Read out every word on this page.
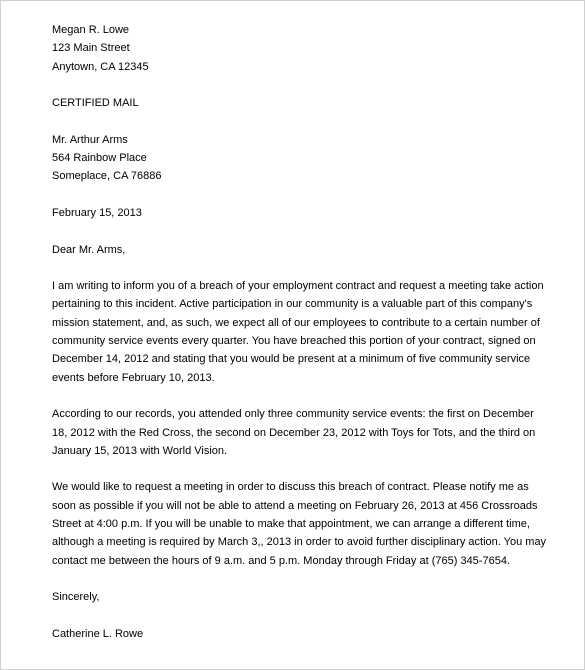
Megan R. Lowe
123 Main Street
Anytown, CA 12345
CERTIFIED MAIL
Mr. Arthur Arms
564 Rainbow Place
Someplace, CA 76886
February 15, 2013
Dear Mr. Arms,
I am writing to inform you of a breach of your employment contract and request a meeting take action
pertaining to this incident. Active participation in our community is a valuable part of this company's
mission statement, and, as such, we expect all of our employees to contribute to a certain number of
community service events every quarter. You have breached this portion of your contract, signed on
December 14, 2012 and stating that you would be present at a minimum of five community service
events before February 10, 2013.
According to our records, you attended only three community service events: the first on December
18, 2012 with the Red Cross, the second on December 23, 2012 with Toys for Tots, and the third on
January 15, 2013 with World Vision.
We would like to request a meeting in order to discuss this breach of contract. Please notify me as
soon as possible if you will not be able to attend a meeting on February 26, 2013 at 456 Crossroads
Street at 4:00 p.m. If you will be unable to make that appointment, we can arrange a different time,
although a meeting is required by March 3,, 2013 in order to avoid further disciplinary action. You may
contact me between the hours of 9 a.m. and 5 p.m. Monday through Friday at (765) 345-7654.
Sincerely,
Catherine L. Rowe
